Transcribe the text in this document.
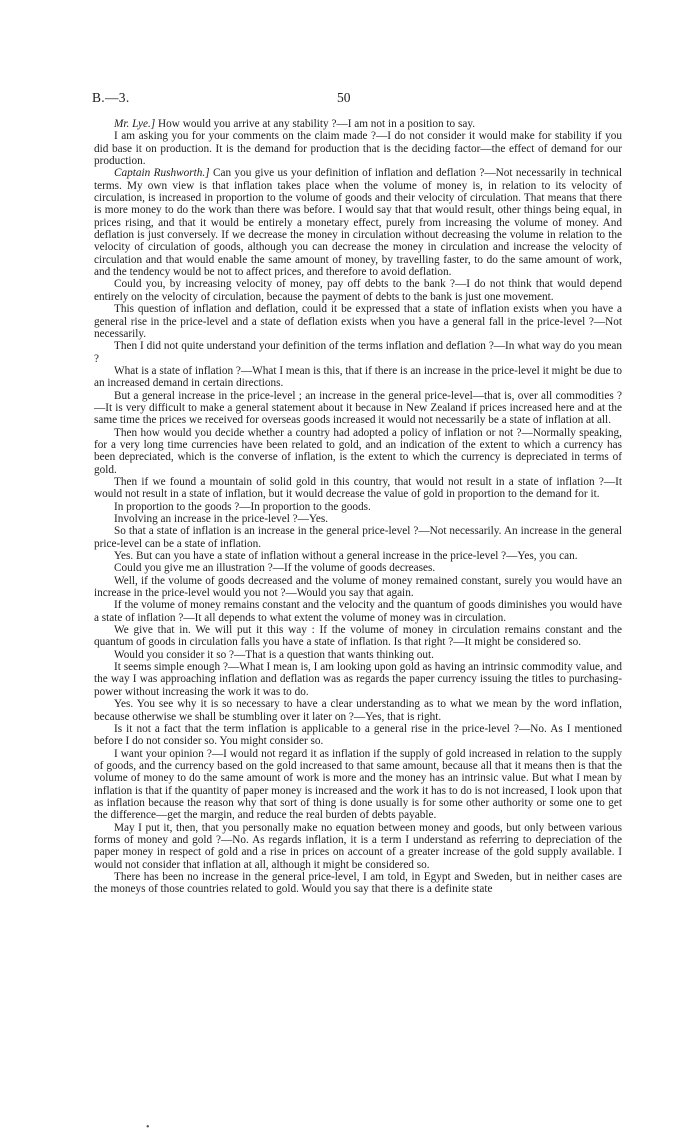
B.—3.	50

Mr. Lye.] How would you arrive at any stability ?—I am not in a position to say.

I am asking you for your comments on the claim made ?—I do not consider it would make for stability if you did base it on production. It is the demand for production that is the deciding factor—the effect of demand for our production.

Captain Rushworth.] Can you give us your definition of inflation and deflation ?—Not necessarily in technical terms. My own view is that inflation takes place when the volume of money is, in relation to its velocity of circulation, is increased in proportion to the volume of goods and their velocity of circulation. That means that there is more money to do the work than there was before. I would say that that would result, other things being equal, in prices rising, and that it would be entirely a monetary effect, purely from increasing the volume of money. And deflation is just conversely. If we decrease the money in circulation without decreasing the volume in relation to the velocity of circulation of goods, although you can decrease the money in circulation and increase the velocity of circulation and that would enable the same amount of money, by travelling faster, to do the same amount of work, and the tendency would be not to affect prices, and therefore to avoid deflation.

Could you, by increasing velocity of money, pay off debts to the bank ?—I do not think that would depend entirely on the velocity of circulation, because the payment of debts to the bank is just one movement.

This question of inflation and deflation, could it be expressed that a state of inflation exists when you have a general rise in the price-level and a state of deflation exists when you have a general fall in the price-level ?—Not necessarily.

Then I did not quite understand your definition of the terms inflation and deflation ?—In what way do you mean ?

What is a state of inflation ?—What I mean is this, that if there is an increase in the price-level it might be due to an increased demand in certain directions.

But a general increase in the price-level ; an increase in the general price-level—that is, over all commodities ?—It is very difficult to make a general statement about it because in New Zealand if prices increased here and at the same time the prices we received for overseas goods increased it would not necessarily be a state of inflation at all.

Then how would you decide whether a country had adopted a policy of inflation or not ?—Normally speaking, for a very long time currencies have been related to gold, and an indication of the extent to which a currency has been depreciated, which is the converse of inflation, is the extent to which the currency is depreciated in terms of gold.

Then if we found a mountain of solid gold in this country, that would not result in a state of inflation ?—It would not result in a state of inflation, but it would decrease the value of gold in proportion to the demand for it.

In proportion to the goods ?—In proportion to the goods.

Involving an increase in the price-level ?—Yes.

So that a state of inflation is an increase in the general price-level ?—Not necessarily. An increase in the general price-level can be a state of inflation.

Yes. But can you have a state of inflation without a general increase in the price-level ?—Yes, you can.

Could you give me an illustration ?—If the volume of goods decreases.

Well, if the volume of goods decreased and the volume of money remained constant, surely you would have an increase in the price-level would you not ?—Would you say that again.

If the volume of money remains constant and the velocity and the quantum of goods diminishes you would have a state of inflation ?—It all depends to what extent the volume of money was in circulation.

We give that in. We will put it this way : If the volume of money in circulation remains constant and the quantum of goods in circulation falls you have a state of inflation. Is that right ?—It might be considered so.

Would you consider it so ?—That is a question that wants thinking out.

It seems simple enough ?—What I mean is, I am looking upon gold as having an intrinsic commodity value, and the way I was approaching inflation and deflation was as regards the paper currency issuing the titles to purchasing-power without increasing the work it was to do.

Yes. You see why it is so necessary to have a clear understanding as to what we mean by the word inflation, because otherwise we shall be stumbling over it later on ?—Yes, that is right.

Is it not a fact that the term inflation is applicable to a general rise in the price-level ?—No. As I mentioned before I do not consider so. You might consider so.

I want your opinion ?—I would not regard it as inflation if the supply of gold increased in relation to the supply of goods, and the currency based on the gold increased to that same amount, because all that it means then is that the volume of money to do the same amount of work is more and the money has an intrinsic value. But what I mean by inflation is that if the quantity of paper money is increased and the work it has to do is not increased, I look upon that as inflation because the reason why that sort of thing is done usually is for some other authority or some one to get the difference—get the margin, and reduce the real burden of debts payable.

May I put it, then, that you personally make no equation between money and goods, but only between various forms of money and gold ?—No. As regards inflation, it is a term I understand as referring to depreciation of the paper money in respect of gold and a rise in prices on account of a greater increase of the gold supply available. I would not consider that inflation at all, although it might be considered so.

There has been no increase in the general price-level, I am told, in Egypt and Sweden, but in neither cases are the moneys of those countries related to gold. Would you say that there is a definite state

•
